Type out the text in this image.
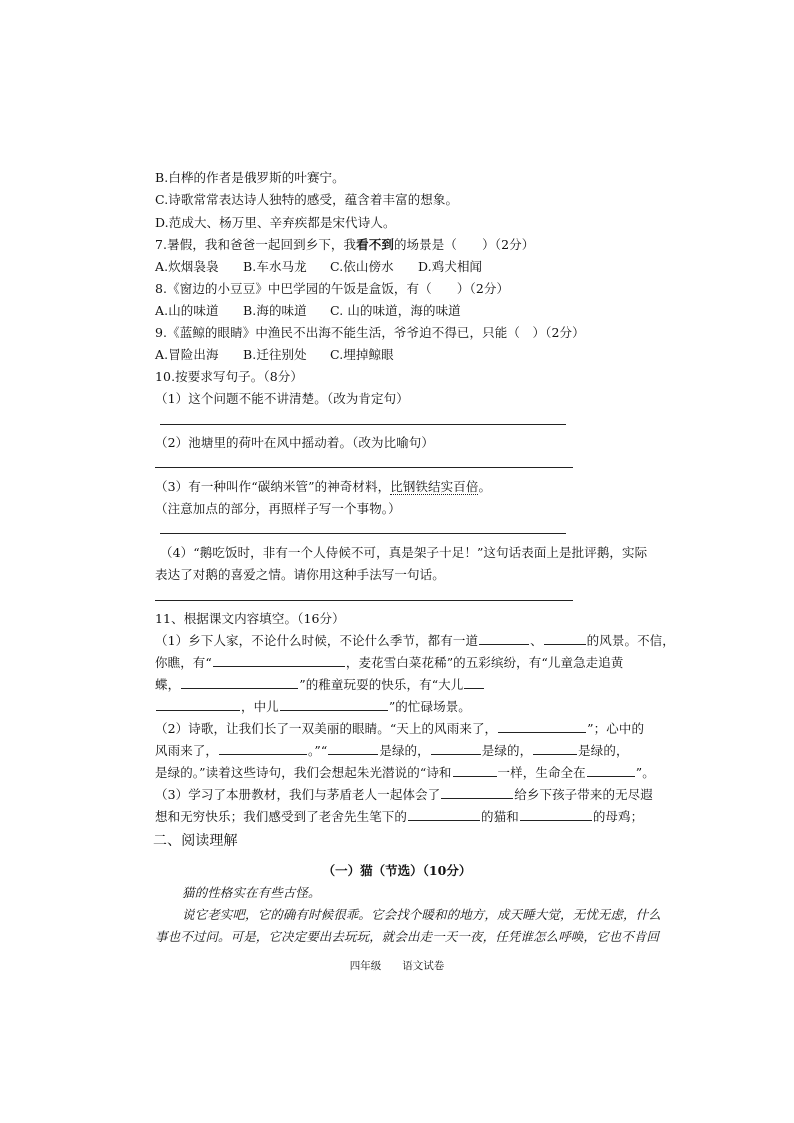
B.白桦的作者是俄罗斯的叶赛宁。
C.诗歌常常表达诗人独特的感受，蕴含着丰富的想象。
D.范成大、杨万里、辛弃疾都是宋代诗人。
7.暑假，我和爸爸一起回到乡下，我看不到的场景是（　　）（2分）
A.炊烟袅袅 B.车水马龙 C.依山傍水 D.鸡犬相闻
8.《窗边的小豆豆》中巴学园的午饭是盒饭，有（　　）（2分）
A.山的味道 B.海的味道 C. 山的味道，海的味道
9.《蓝鲸的眼睛》中渔民不出海不能生活，爷爷迫不得已，只能（　）（2分）
A.冒险出海 B.迁往别处 C.埋掉鲸眼
10.按要求写句子。（8分）
（1）这个问题不能不讲清楚。（改为肯定句）
（2）池塘里的荷叶在风中摇动着。（改为比喻句）
（3）有一种叫作“碳纳米管”的神奇材料，比钢铁结实百倍。
（注意加点的部分，再照样子写一个事物。）
（4）“鹅吃饭时，非有一个人侍候不可，真是架子十足！”这句话表面上是批评鹅，实际
表达了对鹅的喜爱之情。请你用这种手法写一句话。
11、根据课文内容填空。（16分）
（1）乡下人家，不论什么时候，不论什么季节，都有一道	、	的风景。不信，
你瞧，有“	，麦花雪白菜花稀”的五彩缤纷，有“儿童急走追黄
蝶，	”的稚童玩耍的快乐，有“大儿
，中儿	”的忙碌场景。
（2）诗歌，让我们长了一双美丽的眼睛。“天上的风雨来了，	”；心中的
风雨来了，	。”“	是绿的，	是绿的，	是绿的，
是绿的。”读着这些诗句，我们会想起朱光潜说的“诗和	一样，生命全在	”。
（3）学习了本册教材，我们与茅盾老人一起体会了	给乡下孩子带来的无尽遐
想和无穷快乐；我们感受到了老舍先生笔下的	的猫和	的母鸡；
二、阅读理解
（一）猫（节选）（10分）
猫的性格实在有些古怪。
说它老实吧，它的确有时候很乖。它会找个暖和的地方，成天睡大觉，无忧无虑，什么
事也不过问。可是，它决定要出去玩玩，就会出走一天一夜，任凭谁怎么呼唤，它也不肯回
四年级　　语文试卷
